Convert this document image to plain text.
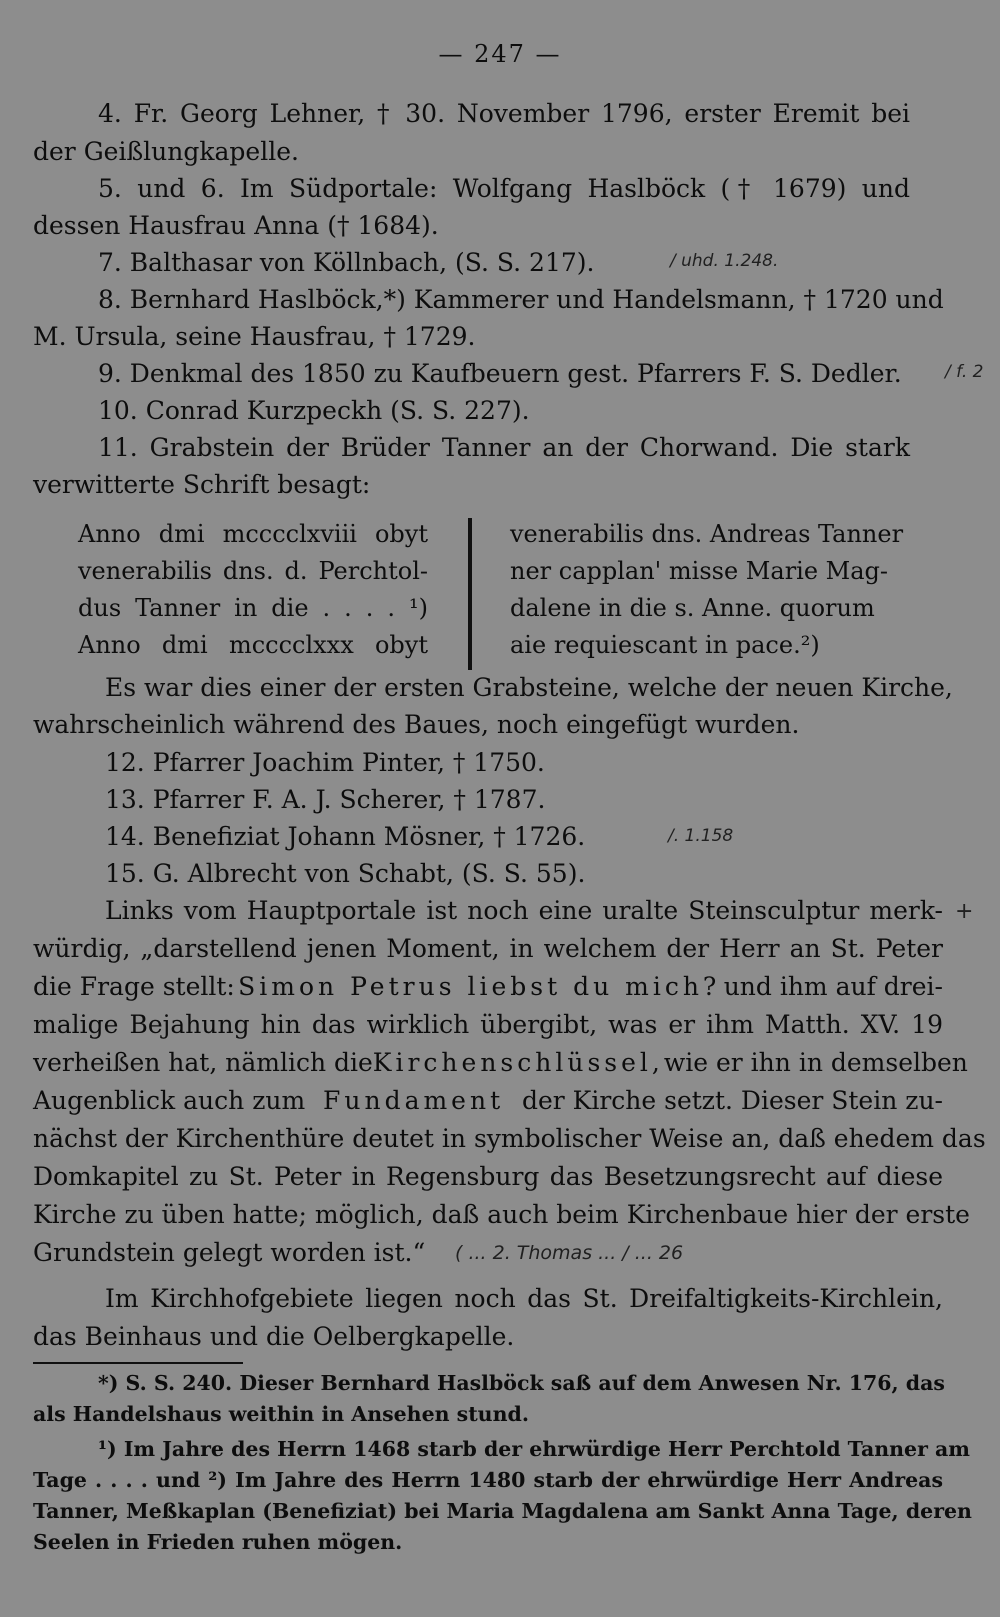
— 247 —
4. Fr. Georg Lehner, † 30. November 1796, erster Eremit bei
der Geißlungkapelle.
5. und 6. Im Südportale: Wolfgang Haslböck († 1679) und
dessen Hausfrau Anna († 1684).
7. Balthasar von Köllnbach, (S. S. 217).	/ uhd. 1.248.
8. Bernhard Haslböck,*) Kammerer und Handelsmann, † 1720 und
M. Ursula, seine Hausfrau, † 1729.
9. Denkmal des 1850 zu Kaufbeuern gest. Pfarrers F. S. Dedler.	/ f. 2
10. Conrad Kurzpeckh (S. S. 227).
11. Grabstein der Brüder Tanner an der Chorwand. Die stark
verwitterte Schrift besagt:
Anno dmi mcccclxviii obyt
venerabilis dns. d. Perchtol-
dus Tanner in die . . . . ¹)
Anno dmi mcccclxxx obyt
venerabilis dns. Andreas Tanner
ner capplan' misse Marie Mag-
dalene in die s. Anne. quorum
aie requiescant in pace.²)
Es war dies einer der ersten Grabsteine, welche der neuen Kirche,
wahrscheinlich während des Baues, noch eingefügt wurden.
12. Pfarrer Joachim Pinter, † 1750.
13. Pfarrer F. A. J. Scherer, † 1787.
14. Benefiziat Johann Mösner, † 1726.	/. 1.158
15. G. Albrecht von Schabt, (S. S. 55).
Links vom Hauptportale ist noch eine uralte Steinsculptur merk- +
würdig, „darstellend jenen Moment, in welchem der Herr an St. Peter
die Frage stellt: Simon Petrus liebst du mich? und ihm auf drei-
malige Bejahung hin das wirklich übergibt, was er ihm Matth. XV. 19
verheißen hat, nämlich die Kirchenschlüssel, wie er ihn in demselben
Augenblick auch zum Fundament der Kirche setzt. Dieser Stein zu-
nächst der Kirchenthüre deutet in symbolischer Weise an, daß ehedem das
Domkapitel zu St. Peter in Regensburg das Besetzungsrecht auf diese
Kirche zu üben hatte; möglich, daß auch beim Kirchenbaue hier der erste
Grundstein gelegt worden ist.“ ( ... 2. Thomas ... / ... 26
Im Kirchhofgebiete liegen noch das St. Dreifaltigkeits-Kirchlein,
das Beinhaus und die Oelbergkapelle.
*) S. S. 240. Dieser Bernhard Haslböck saß auf dem Anwesen Nr. 176, das
als Handelshaus weithin in Ansehen stund.
¹) Im Jahre des Herrn 1468 starb der ehrwürdige Herr Perchtold Tanner am
Tage . . . . und ²) Im Jahre des Herrn 1480 starb der ehrwürdige Herr Andreas
Tanner, Meßkaplan (Benefiziat) bei Maria Magdalena am Sankt Anna Tage, deren
Seelen in Frieden ruhen mögen.
